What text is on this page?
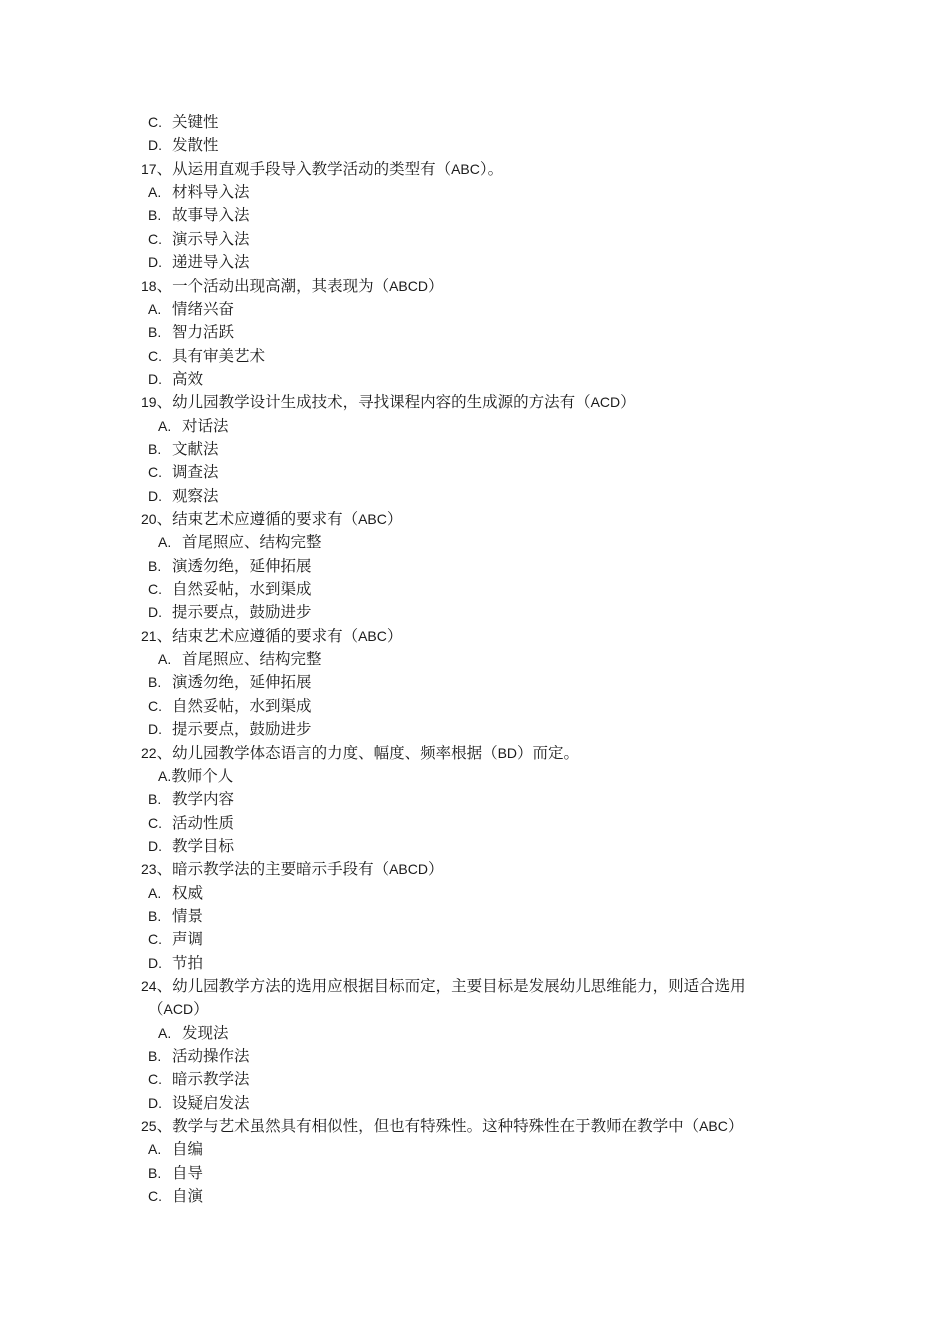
C. 关键性
D. 发散性
17、从运用直观手段导入教学活动的类型有（ABC）。
A. 材料导入法
B. 故事导入法
C. 演示导入法
D. 递进导入法
18、一个活动出现高潮，其表现为（ABCD）
A. 情绪兴奋
B. 智力活跃
C. 具有审美艺术
D. 高效
19、幼儿园教学设计生成技术，寻找课程内容的生成源的方法有（ACD）
A. 对话法
B. 文献法
C. 调查法
D. 观察法
20、结束艺术应遵循的要求有（ABC）
A. 首尾照应、结构完整
B. 演透勿绝，延伸拓展
C. 自然妥帖，水到渠成
D. 提示要点，鼓励进步
21、结束艺术应遵循的要求有（ABC）
A. 首尾照应、结构完整
B. 演透勿绝，延伸拓展
C. 自然妥帖，水到渠成
D. 提示要点，鼓励进步
22、幼儿园教学体态语言的力度、幅度、频率根据（BD）而定。
A.教师个人
B. 教学内容
C. 活动性质
D. 教学目标
23、暗示教学法的主要暗示手段有（ABCD）
A. 权威
B. 情景
C. 声调
D. 节拍
24、幼儿园教学方法的选用应根据目标而定，主要目标是发展幼儿思维能力，则适合选用
（ACD）
A. 发现法
B. 活动操作法
C. 暗示教学法
D. 设疑启发法
25、教学与艺术虽然具有相似性，但也有特殊性。这种特殊性在于教师在教学中（ABC）
A. 自编
B. 自导
C. 自演
